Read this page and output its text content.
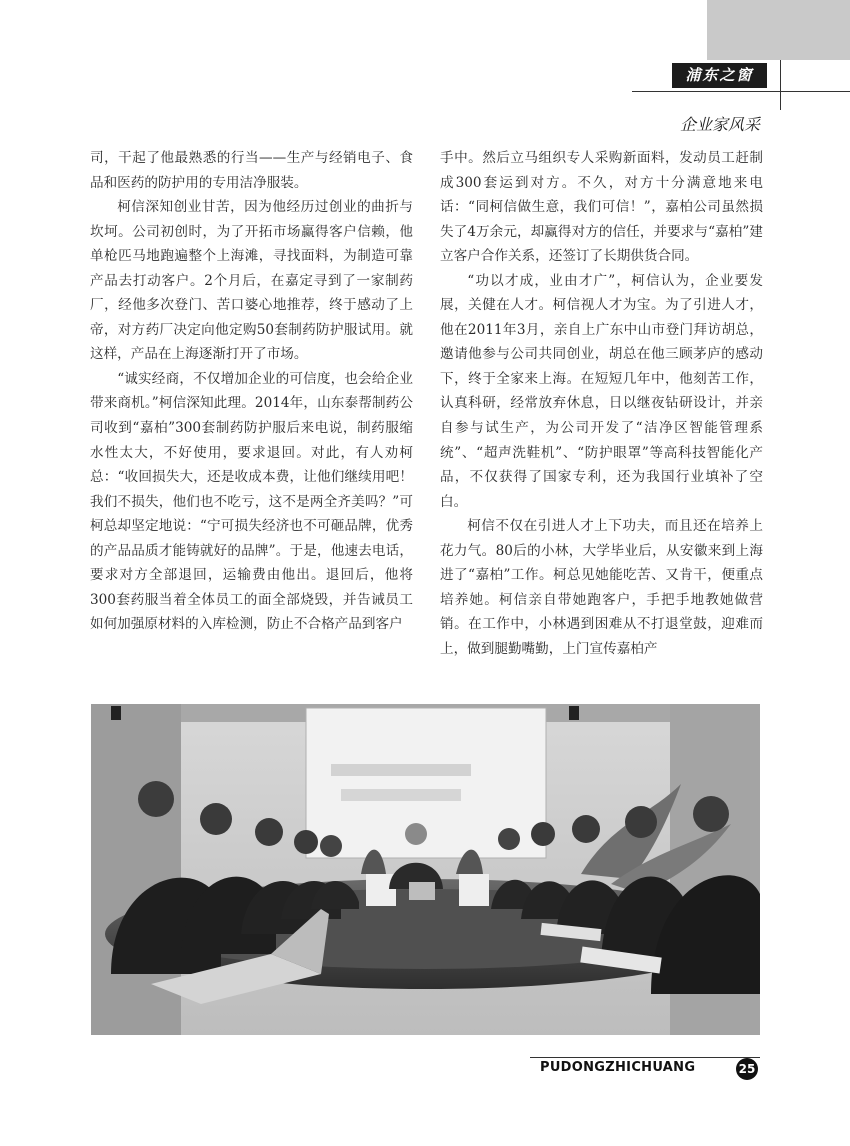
浦东之窗
企业家风采

司，干起了他最熟悉的行当——生产与经销电子、食品和医药的防护用的专用洁净服装。

柯信深知创业甘苦，因为他经历过创业的曲折与坎坷。公司初创时，为了开拓市场赢得客户信赖，他单枪匹马地跑遍整个上海滩，寻找面料，为制造可靠产品去打动客户。2个月后，在嘉定寻到了一家制药厂，经他多次登门、苦口婆心地推荐，终于感动了上帝，对方药厂决定向他定购50套制药防护服试用。就这样，产品在上海逐渐打开了市场。

“诚实经商，不仅增加企业的可信度，也会给企业带来商机。”柯信深知此理。2014年，山东泰帮制药公司收到“嘉柏”300套制药防护服后来电说，制药服缩水性太大，不好使用，要求退回。对此，有人劝柯总：“收回损失大，还是收成本费，让他们继续用吧！我们不损失，他们也不吃亏，这不是两全齐美吗？”可柯总却坚定地说：“宁可损失经济也不可砸品牌，优秀的产品品质才能铸就好的品牌”。于是，他速去电话，要求对方全部退回，运输费由他出。退回后，他将300套药服当着全体员工的面全部烧毁，并告诫员工如何加强原材料的入库检测，防止不合格产品到客户

手中。然后立马组织专人采购新面料，发动员工赶制成300套运到对方。不久，对方十分满意地来电话：“同柯信做生意，我们可信！”，嘉柏公司虽然损失了4万余元，却赢得对方的信任，并要求与“嘉柏”建立客户合作关系，还签订了长期供货合同。

“功以才成，业由才广”，柯信认为，企业要发展，关健在人才。柯信视人才为宝。为了引进人才，他在2011年3月，亲自上广东中山市登门拜访胡总，邀请他参与公司共同创业，胡总在他三顾茅庐的感动下，终于全家来上海。在短短几年中，他刻苦工作，认真科研，经常放弃休息，日以继夜钻研设计，并亲自参与试生产，为公司开发了“洁净区智能管理系统”、“超声洗鞋机”、“防护眼罩”等高科技智能化产品，不仅获得了国家专利，还为我国行业填补了空白。

柯信不仅在引进人才上下功夫，而且还在培养上花力气。80后的小林，大学毕业后，从安徽来到上海进了“嘉柏”工作。柯总见她能吃苦、又肯干，便重点培养她。柯信亲自带她跑客户，手把手地教她做营销。在工作中，小林遇到困难从不打退堂鼓，迎难而上，做到腿勤嘴勤，上门宣传嘉柏产

PUDONGZHICHUANG	25
